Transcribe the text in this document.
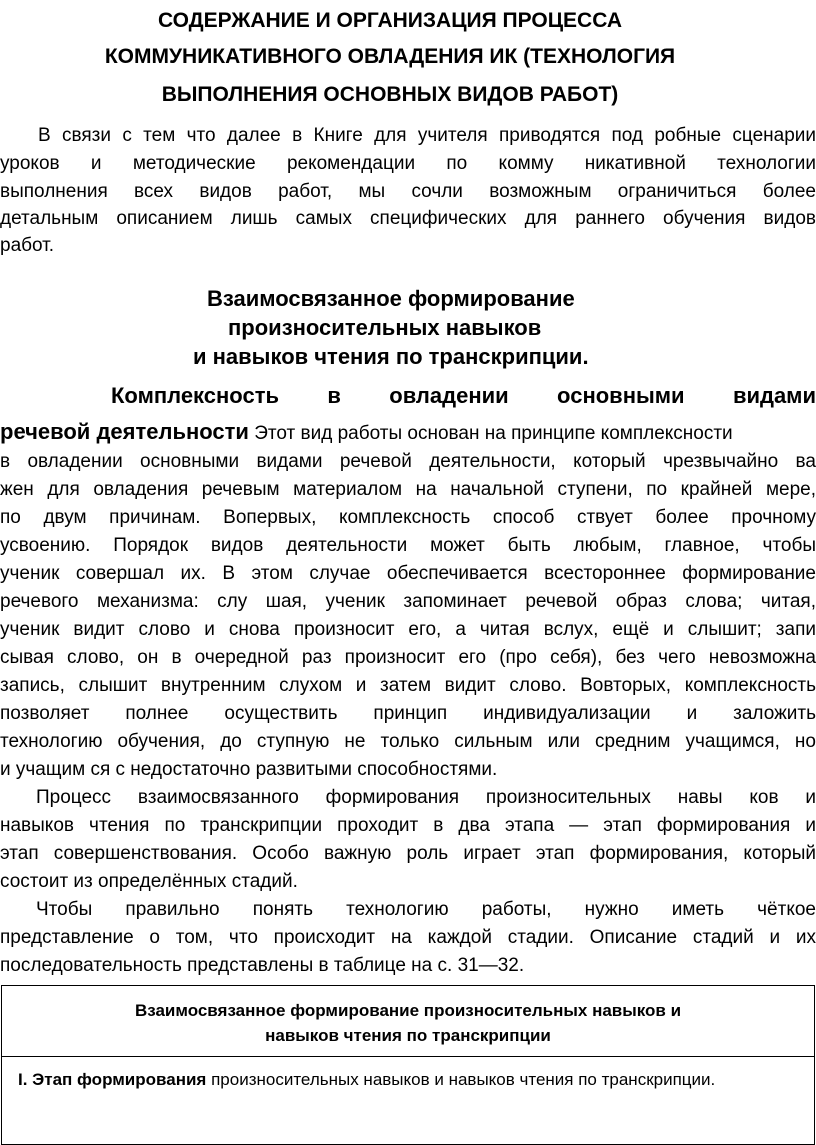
СОДЕРЖАНИЕ И ОРГАНИЗАЦИЯ ПРОЦЕССА
КОММУНИКАТИВНОГО ОВЛАДЕНИЯ ИК (ТЕХНОЛОГИЯ
ВЫПОЛНЕНИЯ ОСНОВНЫХ ВИДОВ РАБОТ)
В связи с тем что далее в Книге для учителя приводятся под робные сценарии
уроков и методические рекомендации по комму никативной технологии
выполнения всех видов работ, мы сочли возможным ограничиться более
детальным описанием лишь самых специфических для раннего обучения видов
работ.
Взаимосвязанное формирование
произносительных навыков
и навыков чтения по транскрипции.
Комплексность в овладении основными видами
речевой деятельности Этот вид работы основан на принципе комплексности
в овладении основными видами речевой деятельности, который чрезвычайно ва
жен для овладения речевым материалом на начальной ступени, по крайней мере,
по двум причинам. Вопервых, комплексность способ ствует более прочному
усвоению. Порядок видов деятельности может быть любым, главное, чтобы
ученик совершал их. В этом случае обеспечивается всестороннее формирование
речевого механизма: слу шая, ученик запоминает речевой образ слова; читая,
ученик видит слово и снова произносит его, а читая вслух, ещё и слышит; запи
сывая слово, он в очередной раз произносит его (про себя), без чего невозможна
запись, слышит внутренним слухом и затем видит слово. Вовторых, комплексность
позволяет полнее осуществить принцип индивидуализации и заложить
технологию обучения, до ступную не только сильным или средним учащимся, но
и учащим ся с недостаточно развитыми способностями.
Процесс взаимосвязанного формирования произносительных навы ков и
навыков чтения по транскрипции проходит в два этапа — этап формирования и
этап совершенствования. Особо важную роль играет этап формирования, который
состоит из определённых стадий.
Чтобы правильно понять технологию работы, нужно иметь чёткое
представление о том, что происходит на каждой стадии. Описание стадий и их
последовательность представлены в таблице на с. 31—32.
Взаимосвязанное формирование произносительных навыков и
навыков чтения по транскрипции
I. Этап формирования произносительных навыков и навыков чтения по транскрипции.
